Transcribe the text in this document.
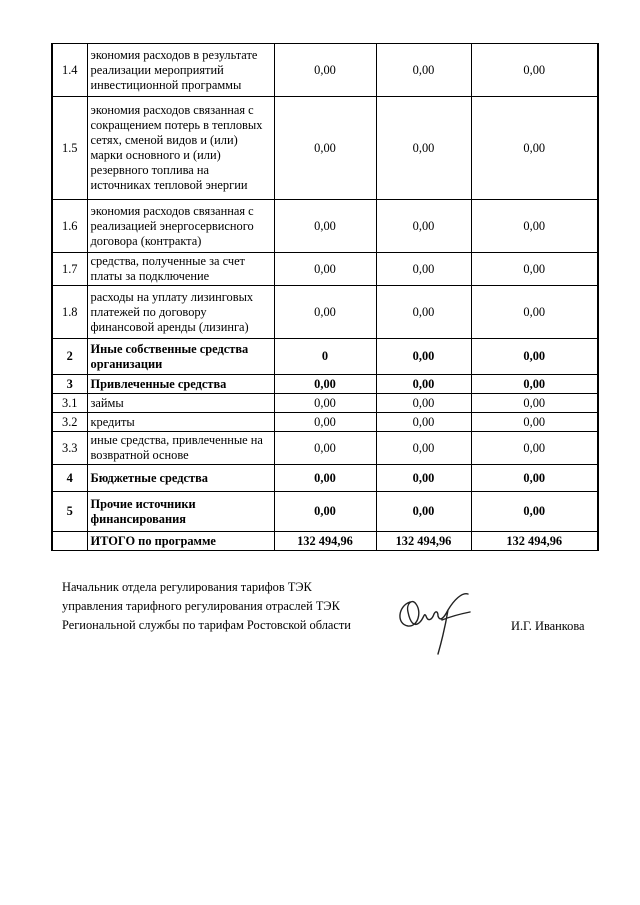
1.4	экономия расходов в результате реализации мероприятий инвестиционной программы	0,00	0,00	0,00
1.5	экономия расходов связанная с сокращением потерь в тепловых сетях, сменой видов и (или) марки основного и (или) резервного топлива на источниках тепловой энергии	0,00	0,00	0,00
1.6	экономия расходов связанная с реализацией энергосервисного договора (контракта)	0,00	0,00	0,00
1.7	средства, полученные за счет платы за подключение	0,00	0,00	0,00
1.8	расходы на уплату лизинговых платежей по договору финансовой аренды (лизинга)	0,00	0,00	0,00
2	Иные собственные средства организации	0	0,00	0,00
3	Привлеченные средства	0,00	0,00	0,00
3.1	займы	0,00	0,00	0,00
3.2	кредиты	0,00	0,00	0,00
3.3	иные средства, привлеченные на возвратной основе	0,00	0,00	0,00
4	Бюджетные средства	0,00	0,00	0,00
5	Прочие источники финансирования	0,00	0,00	0,00
	ИТОГО по программе	132 494,96	132 494,96	132 494,96
Начальник отдела регулирования тарифов ТЭК
управления тарифного регулирования отраслей ТЭК
Региональной службы по тарифам Ростовской области	И.Г. Иванкова
